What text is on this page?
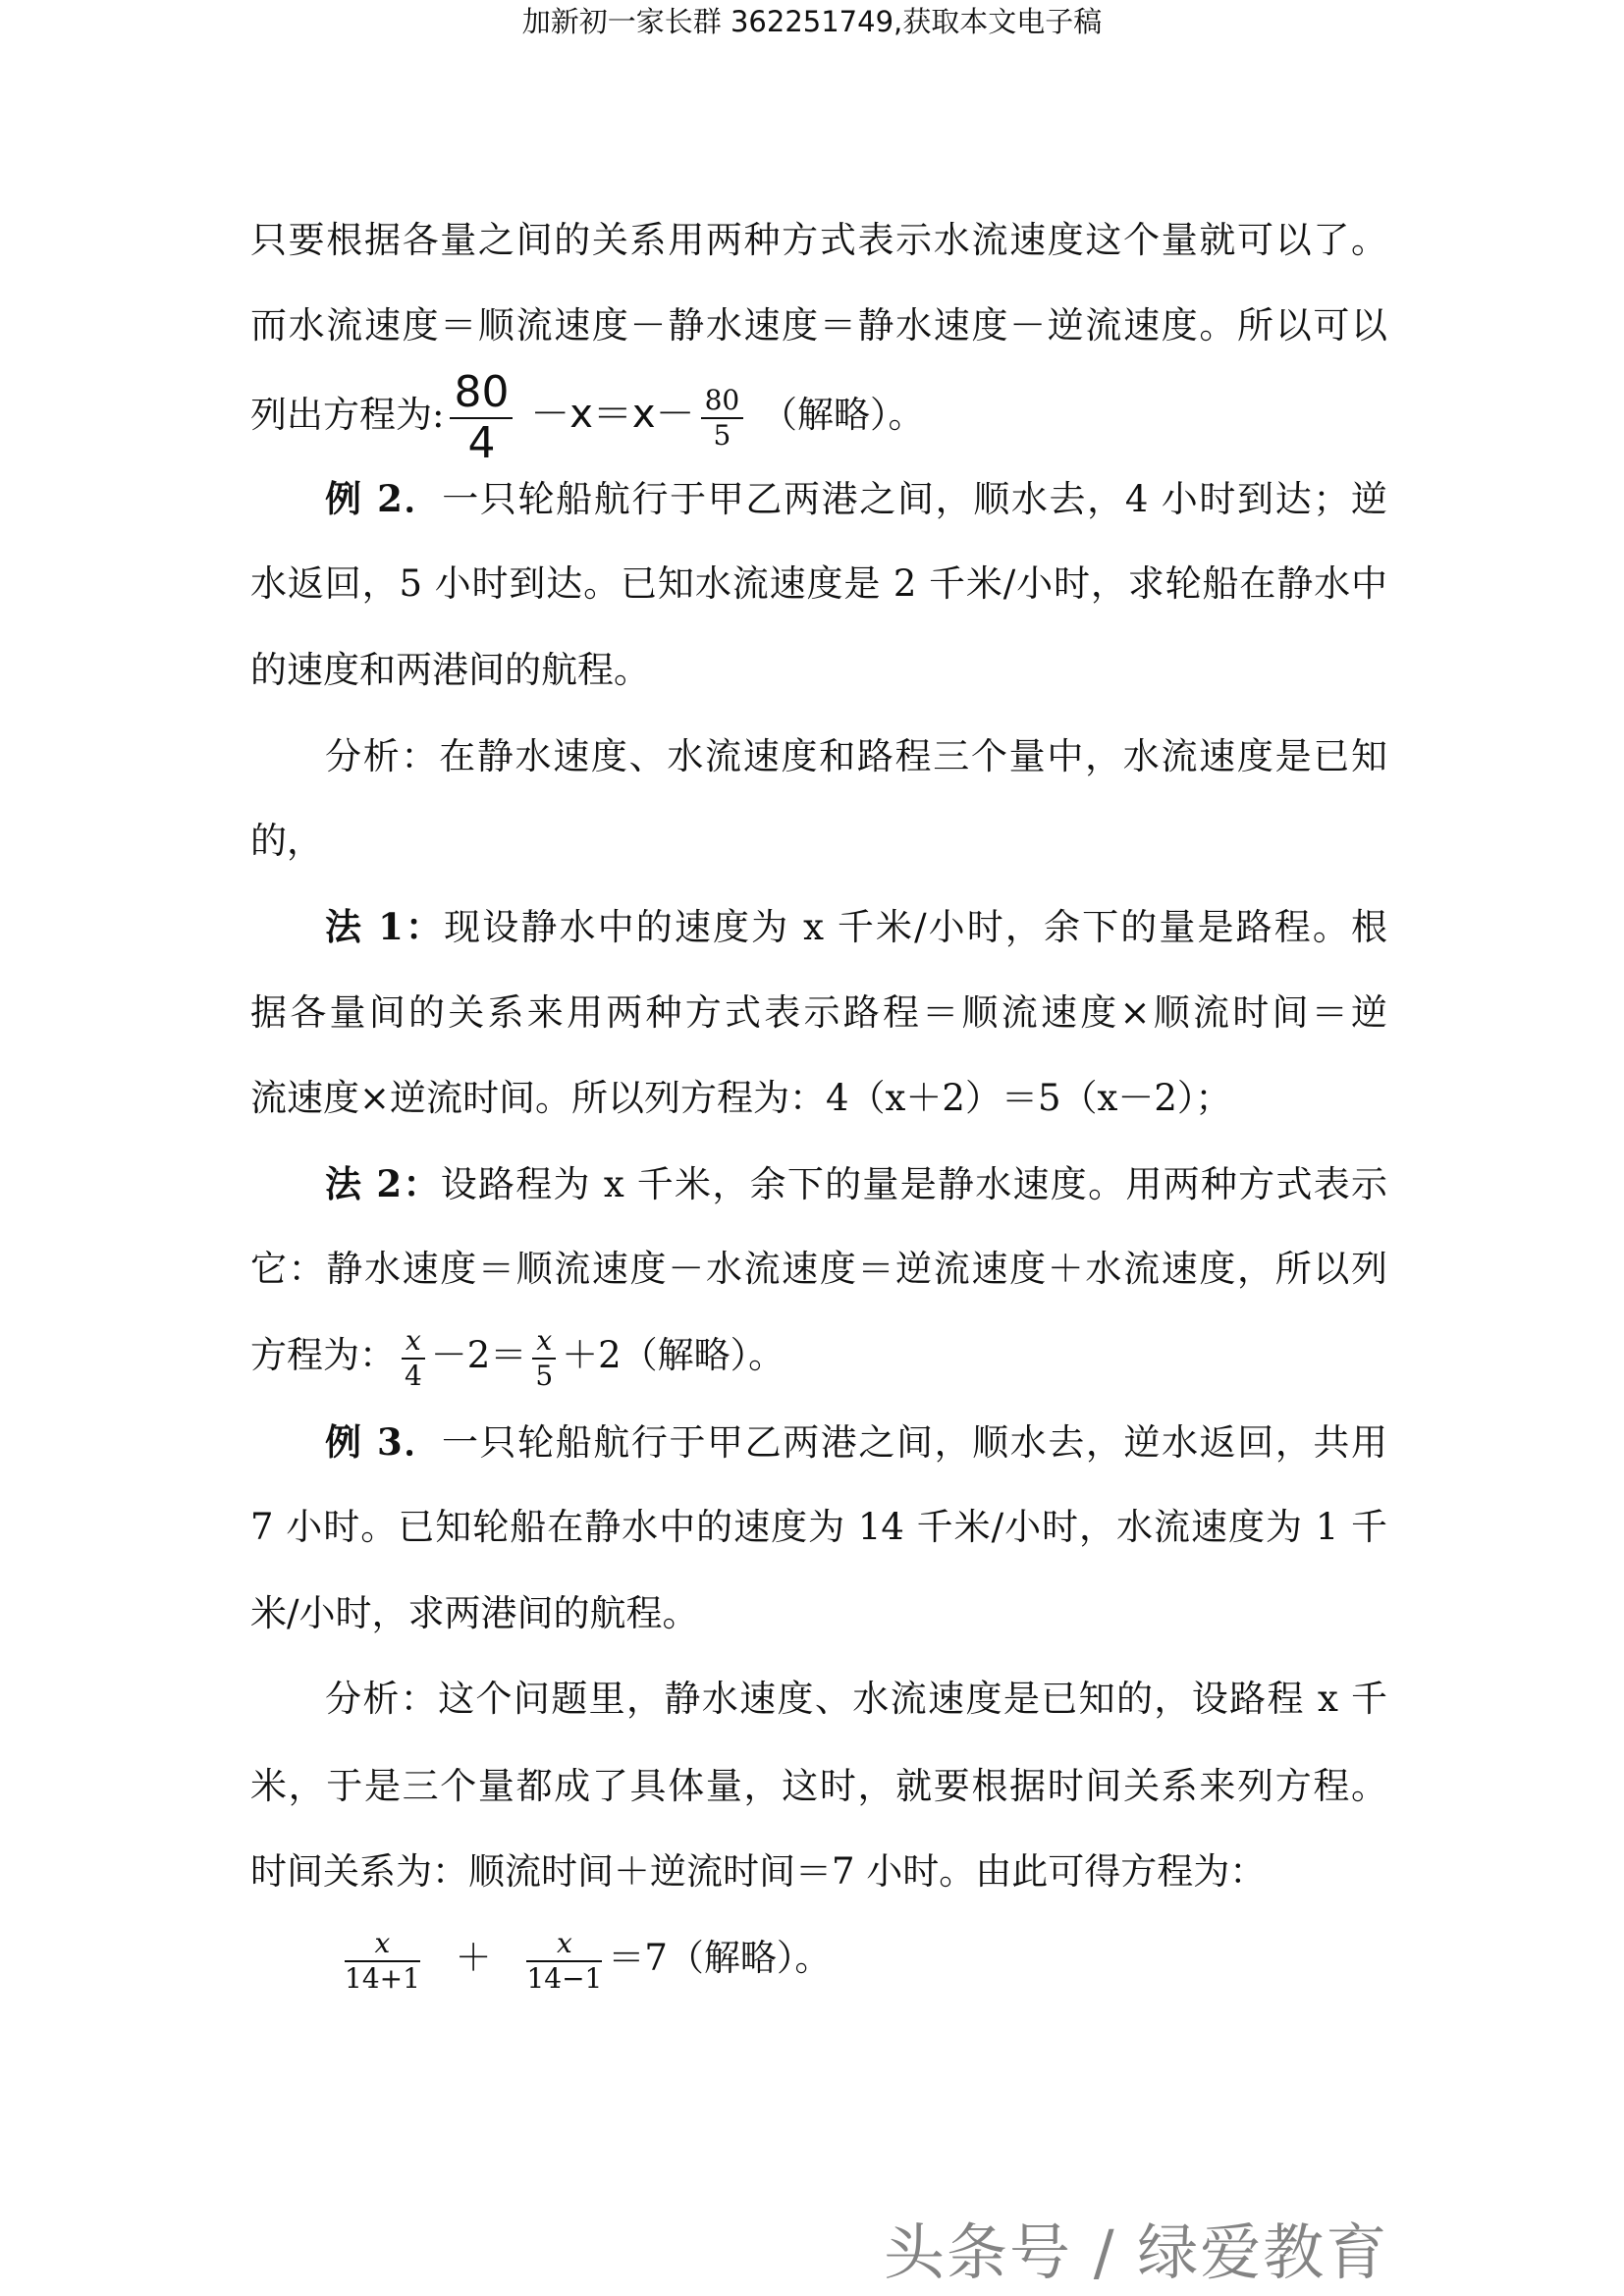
加新初一家长群 362251749,获取本文电子稿
只要根据各量之间的关系用两种方式表示水流速度这个量就可以了。
而水流速度＝顺流速度－静水速度＝静水速度－逆流速度。所以可以
列出方程为: $\frac{80}{4} -x=x- \frac{80}{5}$ （解略）。
例 2．一只轮船航行于甲乙两港之间，顺水去，4 小时到达；逆
水返回，5 小时到达。已知水流速度是 2 千米/小时，求轮船在静水中
的速度和两港间的航程。
分析：在静水速度、水流速度和路程三个量中，水流速度是已知
的，
法 1：现设静水中的速度为 x 千米/小时，余下的量是路程。根
据各量间的关系来用两种方式表示路程＝顺流速度×顺流时间＝逆
流速度×逆流时间。所以列方程为：4（x＋2）＝5（x－2）；
法 2：设路程为 x 千米，余下的量是静水速度。用两种方式表示
它：静水速度＝顺流速度－水流速度＝逆流速度＋水流速度，所以列
方程为： $\frac{x}{4} -2= \frac{x}{5} +2$（解略）。
例 3．一只轮船航行于甲乙两港之间，顺水去，逆水返回，共用
7 小时。已知轮船在静水中的速度为 14 千米/小时，水流速度为 1 千
米/小时，求两港间的航程。
分析：这个问题里，静水速度、水流速度是已知的，设路程 x 千
米，于是三个量都成了具体量，这时，就要根据时间关系来列方程。
时间关系为：顺流时间＋逆流时间＝7 小时。由此可得方程为：
$\frac{x}{14+1} + \frac{x}{14-1} =7$（解略）。
头条号 / 绿爱教育
